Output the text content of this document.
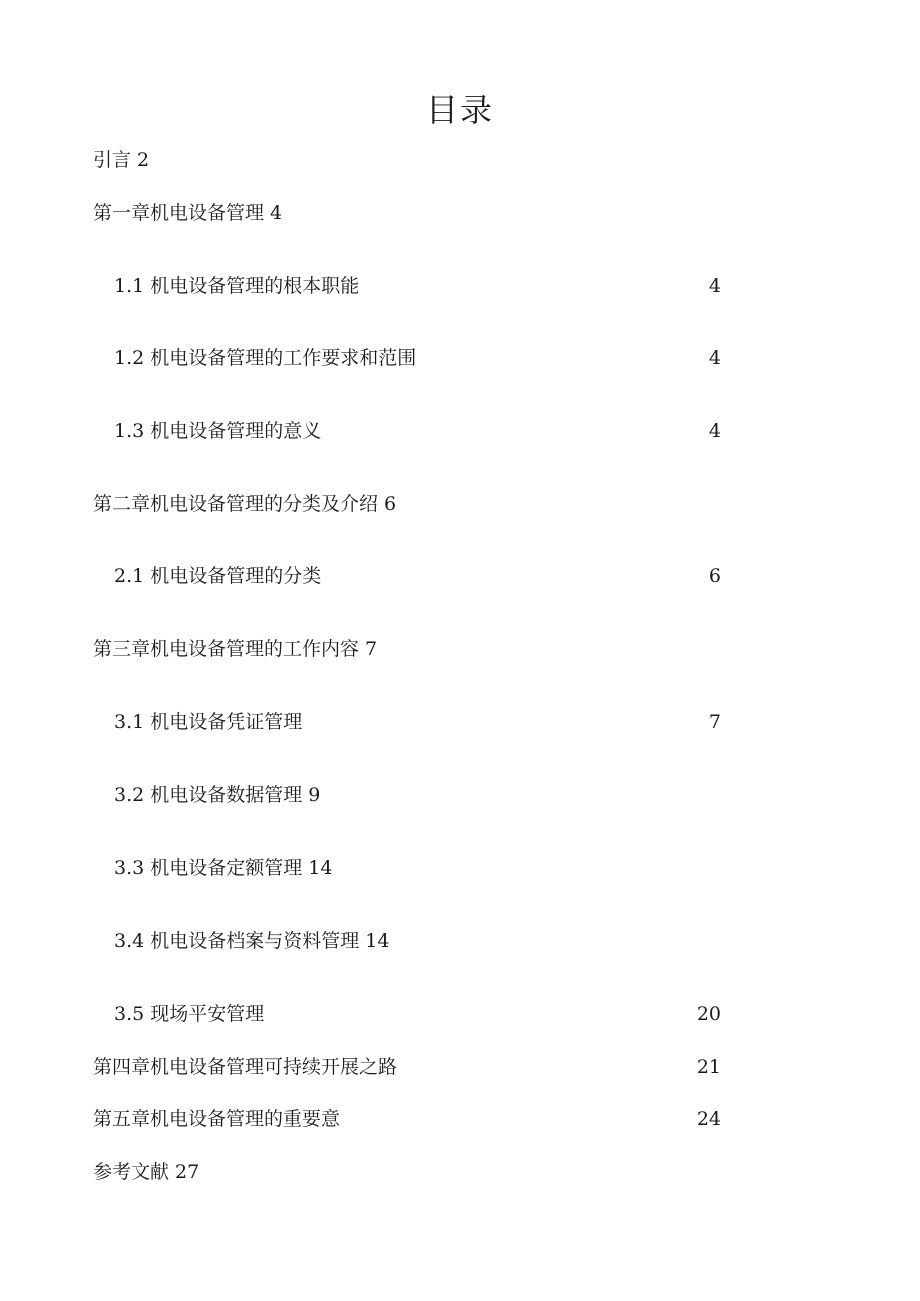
目录
引言 2
第一章机电设备管理 4
1.1 机电设备管理的根本职能	4
1.2 机电设备管理的工作要求和范围	4
1.3 机电设备管理的意义	4
第二章机电设备管理的分类及介绍 6
2.1 机电设备管理的分类	6
第三章机电设备管理的工作内容 7
3.1 机电设备凭证管理	7
3.2 机电设备数据管理 9
3.3 机电设备定额管理 14
3.4 机电设备档案与资料管理 14
3.5 现场平安管理	20
第四章机电设备管理可持续开展之路	21
第五章机电设备管理的重要意	24
参考文献 27
